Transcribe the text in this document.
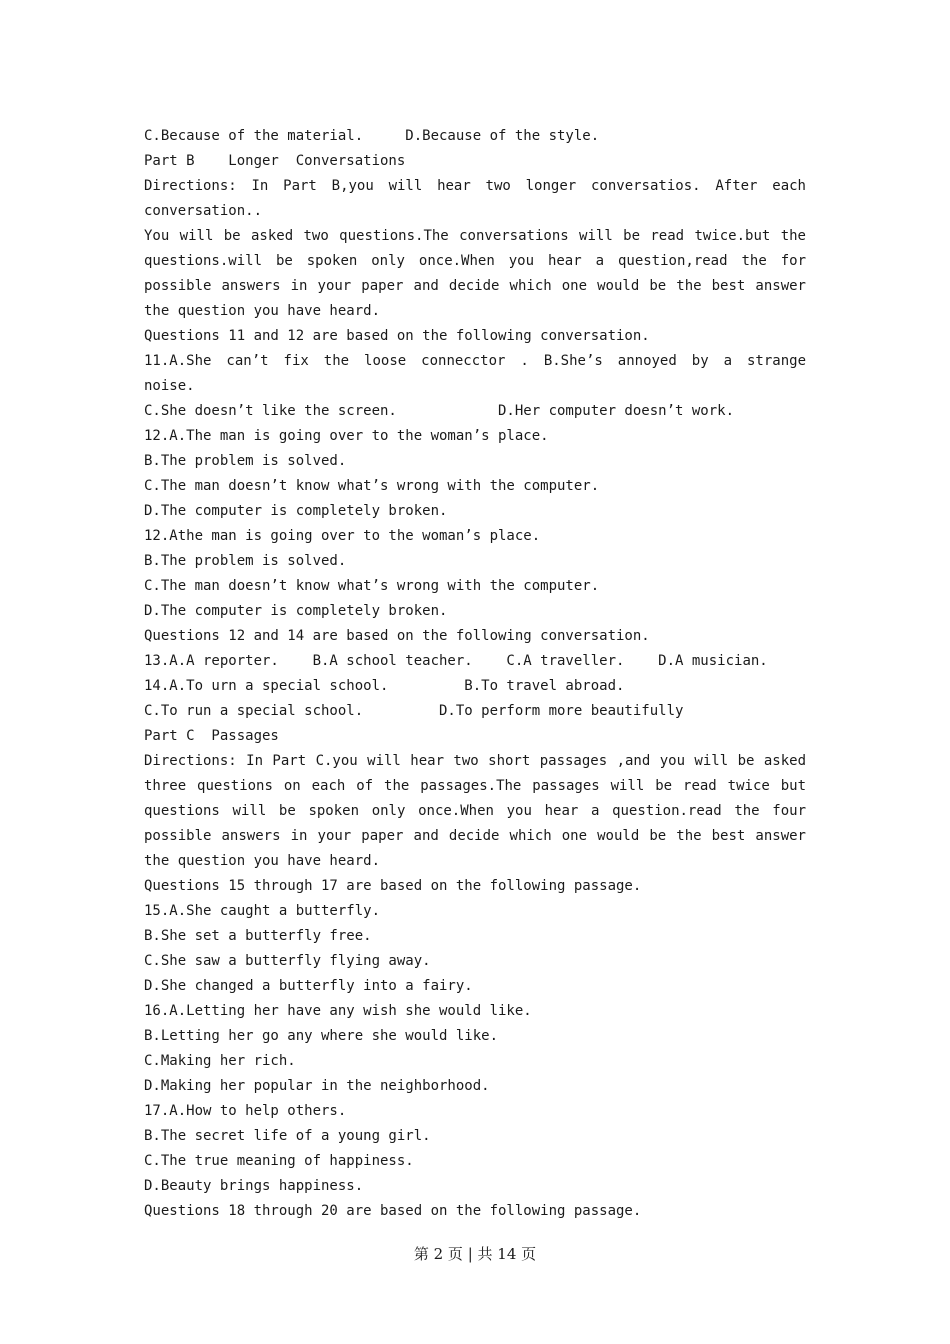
C.Because of the material.     D.Because of the style.
Part B    Longer  Conversations
Directions: In Part B,you will hear two longer conversatios. After each
conversation..
You will be asked two questions.The conversations will be read twice.but the
questions.will be spoken only once.When you hear a question,read the for
possible answers in your paper and decide which one would be the best answer
the question you have heard.
Questions 11 and 12 are based on the following conversation.
11.A.She can’t fix the loose connecctor . B.She’s annoyed by a strange
noise.
C.She doesn’t like the screen.            D.Her computer doesn’t work.
12.A.The man is going over to the woman’s place.
B.The problem is solved.
C.The man doesn’t know what’s wrong with the computer.
D.The computer is completely broken.
12.Athe man is going over to the woman’s place.
B.The problem is solved.
C.The man doesn’t know what’s wrong with the computer.
D.The computer is completely broken.
Questions 12 and 14 are based on the following conversation.
13.A.A reporter.    B.A school teacher.    C.A traveller.    D.A musician.
14.A.To urn a special school.         B.To travel abroad.
C.To run a special school.         D.To perform more beautifully
Part C  Passages
Directions: In Part C.you will hear two short passages ,and you will be asked
three questions on each of the passages.The passages will be read twice but
questions will be spoken only once.When you hear a question.read the four
possible answers in your paper and decide which one would be the best answer
the question you have heard.
Questions 15 through 17 are based on the following passage.
15.A.She caught a butterfly.
B.She set a butterfly free.
C.She saw a butterfly flying away.
D.She changed a butterfly into a fairy.
16.A.Letting her have any wish she would like.
B.Letting her go any where she would like.
C.Making her rich.
D.Making her popular in the neighborhood.
17.A.How to help others.
B.The secret life of a young girl.
C.The true meaning of happiness.
D.Beauty brings happiness.
Questions 18 through 20 are based on the following passage.
第 2 页 | 共 14 页
